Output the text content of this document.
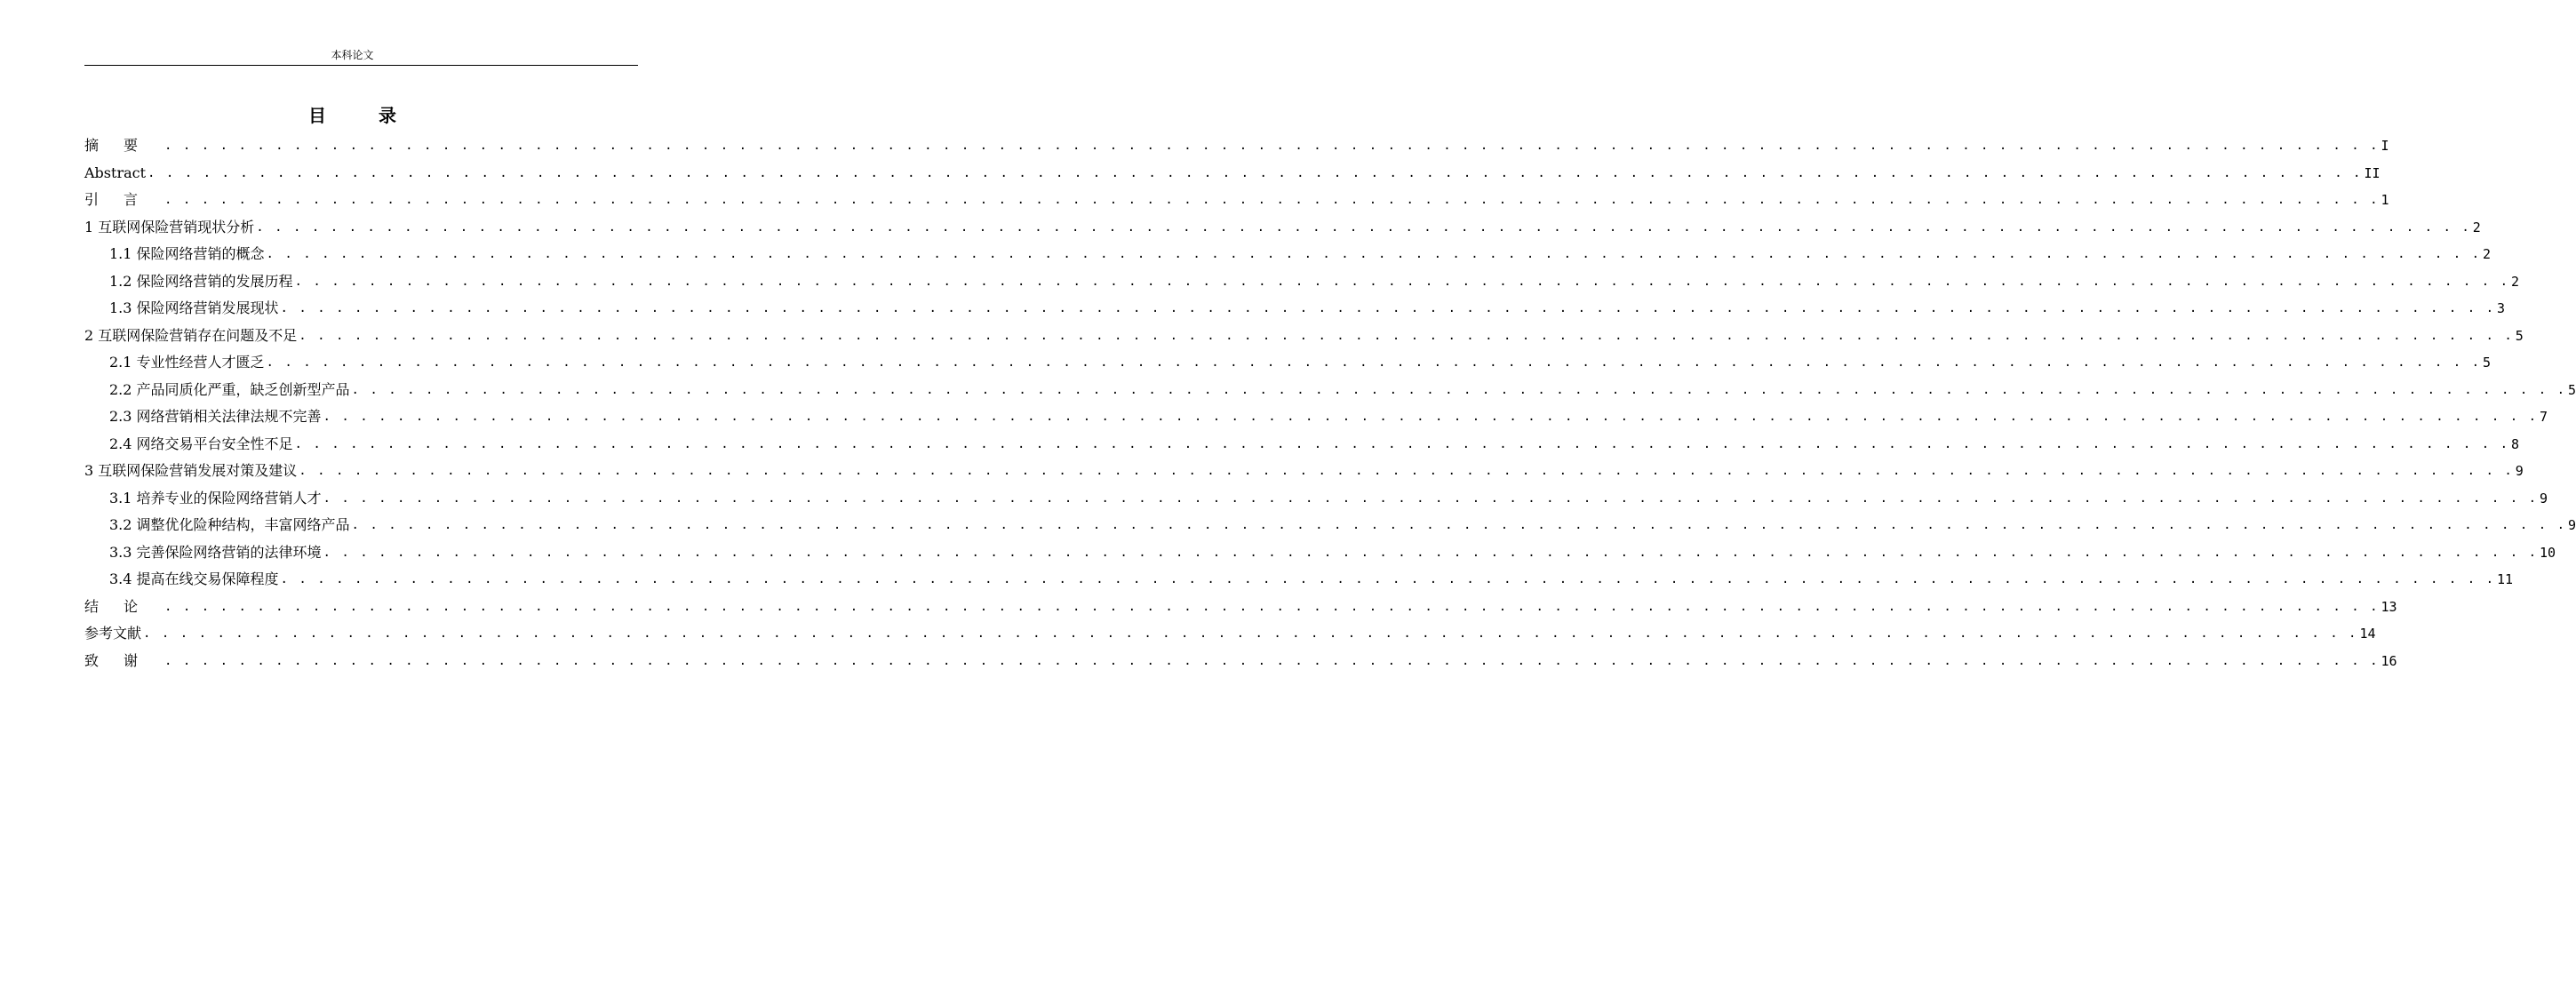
本科论文
目 录
摘要 . . . . . . . . . . . . . . . . . . . . . . . . . . . . . . . . . . . . . . . . . . . . . . . . . . . . . . . . . . . . . . . . . . . . . . . . . . . . . . . . . . . . . . . . . . . . . . . . . . . . . . . . . . . . . . . . . . . . . . . . I
Abstract . . . . . . . . . . . . . . . . . . . . . . . . . . . . . . . . . . . . . . . . . . . . . . . . . . . . . . . . . . . . . . . . . . . . . . . . . . . . . . . . . . . . . . . . . . . . . . . . . . . . . . . . . . . . . . . . . . . . . . . . II
引言 . . . . . . . . . . . . . . . . . . . . . . . . . . . . . . . . . . . . . . . . . . . . . . . . . . . . . . . . . . . . . . . . . . . . . . . . . . . . . . . . . . . . . . . . . . . . . . . . . . . . . . . . . . . . . . . . . . . . . . . . 1
1 互联网保险营销现状分析 . . . . . . . . . . . . . . . . . . . . . . . . . . . . . . . . . . . . . . . . . . . . . . . . . . . . . . . . . . . . . . . . . . . . . . . . . . . . . . . . . . . . . . . . . . . . . . . . . . . . . . . . . . . . . . . . . . . . . . . . 2
1.1 保险网络营销的概念 . . . . . . . . . . . . . . . . . . . . . . . . . . . . . . . . . . . . . . . . . . . . . . . . . . . . . . . . . . . . . . . . . . . . . . . . . . . . . . . . . . . . . . . . . . . . . . . . . . . . . . . . . . . . . . . . . . . . . . . . 2
1.2 保险网络营销的发展历程 . . . . . . . . . . . . . . . . . . . . . . . . . . . . . . . . . . . . . . . . . . . . . . . . . . . . . . . . . . . . . . . . . . . . . . . . . . . . . . . . . . . . . . . . . . . . . . . . . . . . . . . . . . . . . . . . . . . . . . . . 2
1.3 保险网络营销发展现状 . . . . . . . . . . . . . . . . . . . . . . . . . . . . . . . . . . . . . . . . . . . . . . . . . . . . . . . . . . . . . . . . . . . . . . . . . . . . . . . . . . . . . . . . . . . . . . . . . . . . . . . . . . . . . . . . . . . . . . . . 3
2 互联网保险营销存在问题及不足 . . . . . . . . . . . . . . . . . . . . . . . . . . . . . . . . . . . . . . . . . . . . . . . . . . . . . . . . . . . . . . . . . . . . . . . . . . . . . . . . . . . . . . . . . . . . . . . . . . . . . . . . . . . . . . . . . . . . . . . . 5
2.1 专业性经营人才匮乏 . . . . . . . . . . . . . . . . . . . . . . . . . . . . . . . . . . . . . . . . . . . . . . . . . . . . . . . . . . . . . . . . . . . . . . . . . . . . . . . . . . . . . . . . . . . . . . . . . . . . . . . . . . . . . . . . . . . . . . . . 5
2.2 产品同质化严重，缺乏创新型产品 . . . . . . . . . . . . . . . . . . . . . . . . . . . . . . . . . . . . . . . . . . . . . . . . . . . . . . . . . . . . . . . . . . . . . . . . . . . . . . . . . . . . . . . . . . . . . . . . . . . . . . . . . . . . . . . . . . . . . . . . 5
2.3 网络营销相关法律法规不完善 . . . . . . . . . . . . . . . . . . . . . . . . . . . . . . . . . . . . . . . . . . . . . . . . . . . . . . . . . . . . . . . . . . . . . . . . . . . . . . . . . . . . . . . . . . . . . . . . . . . . . . . . . . . . . . . . . . . . . . . . 7
2.4 网络交易平台安全性不足 . . . . . . . . . . . . . . . . . . . . . . . . . . . . . . . . . . . . . . . . . . . . . . . . . . . . . . . . . . . . . . . . . . . . . . . . . . . . . . . . . . . . . . . . . . . . . . . . . . . . . . . . . . . . . . . . . . . . . . . . 8
3 互联网保险营销发展对策及建议 . . . . . . . . . . . . . . . . . . . . . . . . . . . . . . . . . . . . . . . . . . . . . . . . . . . . . . . . . . . . . . . . . . . . . . . . . . . . . . . . . . . . . . . . . . . . . . . . . . . . . . . . . . . . . . . . . . . . . . . . 9
3.1 培养专业的保险网络营销人才 . . . . . . . . . . . . . . . . . . . . . . . . . . . . . . . . . . . . . . . . . . . . . . . . . . . . . . . . . . . . . . . . . . . . . . . . . . . . . . . . . . . . . . . . . . . . . . . . . . . . . . . . . . . . . . . . . . . . . . . . 9
3.2 调整优化险种结构，丰富网络产品 . . . . . . . . . . . . . . . . . . . . . . . . . . . . . . . . . . . . . . . . . . . . . . . . . . . . . . . . . . . . . . . . . . . . . . . . . . . . . . . . . . . . . . . . . . . . . . . . . . . . . . . . . . . . . . . . . . . . . . . . 9
3.3 完善保险网络营销的法律环境 . . . . . . . . . . . . . . . . . . . . . . . . . . . . . . . . . . . . . . . . . . . . . . . . . . . . . . . . . . . . . . . . . . . . . . . . . . . . . . . . . . . . . . . . . . . . . . . . . . . . . . . . . . . . . . . . . . . . . . . . 10
3.4 提高在线交易保障程度 . . . . . . . . . . . . . . . . . . . . . . . . . . . . . . . . . . . . . . . . . . . . . . . . . . . . . . . . . . . . . . . . . . . . . . . . . . . . . . . . . . . . . . . . . . . . . . . . . . . . . . . . . . . . . . . . . . . . . . . . 11
结论 . . . . . . . . . . . . . . . . . . . . . . . . . . . . . . . . . . . . . . . . . . . . . . . . . . . . . . . . . . . . . . . . . . . . . . . . . . . . . . . . . . . . . . . . . . . . . . . . . . . . . . . . . . . . . . . . . . . . . . . . 13
参考文献 . . . . . . . . . . . . . . . . . . . . . . . . . . . . . . . . . . . . . . . . . . . . . . . . . . . . . . . . . . . . . . . . . . . . . . . . . . . . . . . . . . . . . . . . . . . . . . . . . . . . . . . . . . . . . . . . . . . . . . . . 14
致谢 . . . . . . . . . . . . . . . . . . . . . . . . . . . . . . . . . . . . . . . . . . . . . . . . . . . . . . . . . . . . . . . . . . . . . . . . . . . . . . . . . . . . . . . . . . . . . . . . . . . . . . . . . . . . . . . . . . . . . . . . 16
